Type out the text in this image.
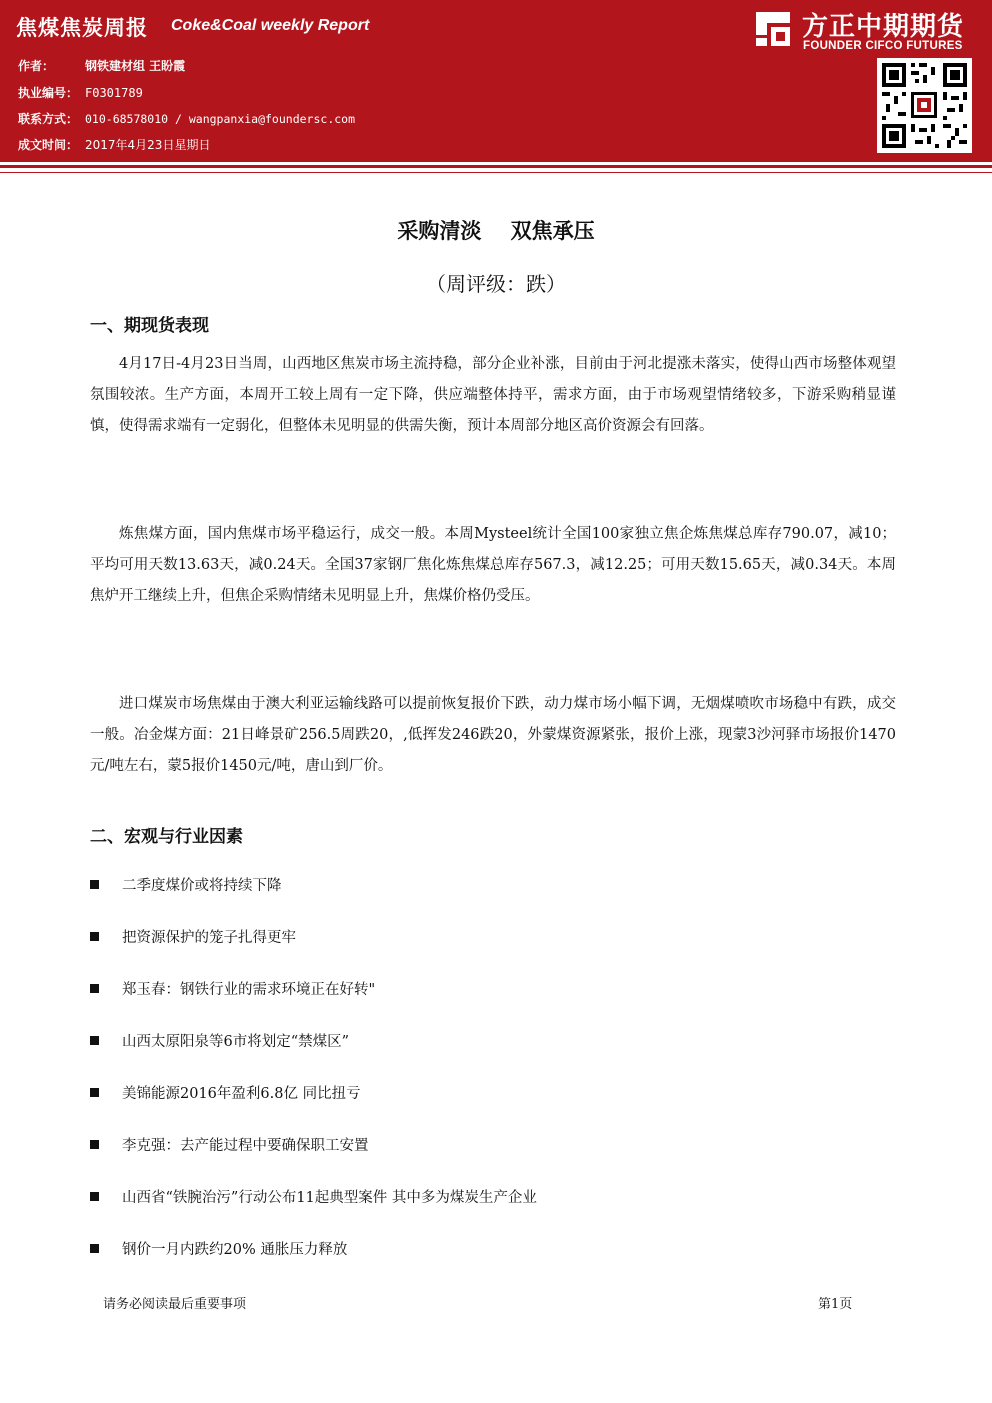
焦煤焦炭周报 Coke&Coal weekly Report
作者：	钢铁建材组 王盼霞
执业编号： F0301789
联系方式： 010-68578010 / wangpanxia@foundersc.com
成文时间： 2017年4月23日星期日
方正中期期货
FOUNDER CIFCO FUTURES
采购清淡 双焦承压
（周评级：跌）
一、期现货表现

4月17日-4月23日当周，山西地区焦炭市场主流持稳，部分企业补涨，目前由于河北提涨未落实，使得山西市场整体观望氛围较浓。生产方面，本周开工较上周有一定下降，供应端整体持平，需求方面，由于市场观望情绪较多，下游采购稍显谨慎，使得需求端有一定弱化，但整体未见明显的供需失衡，预计本周部分地区高价资源会有回落。

炼焦煤方面，国内焦煤市场平稳运行，成交一般。本周Mysteel统计全国100家独立焦企炼焦煤总库存790.07，减10；平均可用天数13.63天，减0.24天。全国37家钢厂焦化炼焦煤总库存567.3，减12.25；可用天数15.65天，减0.34天。本周焦炉开工继续上升，但焦企采购情绪未见明显上升，焦煤价格仍受压。

进口煤炭市场焦煤由于澳大利亚运输线路可以提前恢复报价下跌，动力煤市场小幅下调，无烟煤喷吹市场稳中有跌，成交一般。冶金煤方面：21日峰景矿256.5周跌20，,低挥发246跌20，外蒙煤资源紧张，报价上涨，现蒙3沙河驿市场报价1470元/吨左右，蒙5报价1450元/吨，唐山到厂价。

二、宏观与行业因素
二季度煤价或将持续下降
把资源保护的笼子扎得更牢
郑玉春：钢铁行业的需求环境正在好转"
山西太原阳泉等6市将划定“禁煤区”
美锦能源2016年盈利6.8亿 同比扭亏
李克强：去产能过程中要确保职工安置
山西省“铁腕治污”行动公布11起典型案件 其中多为煤炭生产企业
钢价一月内跌约20% 通胀压力释放
请务必阅读最后重要事项	第1页
